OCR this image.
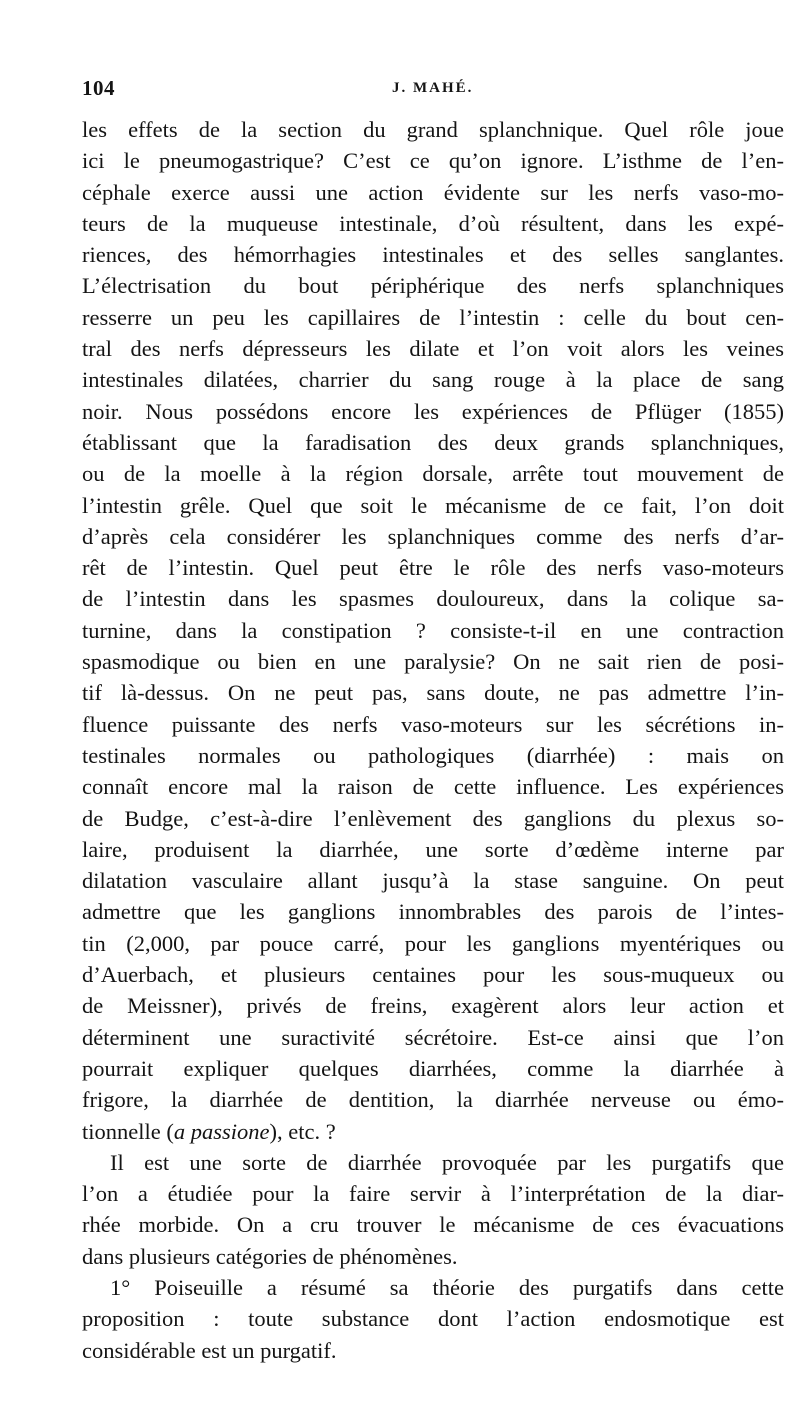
104	J. MAHÉ.
les effets de la section du grand splanchnique. Quel rôle joue
ici le pneumogastrique? C’est ce qu’on ignore. L’isthme de l’en-
céphale exerce aussi une action évidente sur les nerfs vaso-mo-
teurs de la muqueuse intestinale, d’où résultent, dans les expé-
riences, des hémorrhagies intestinales et des selles sanglantes.
L’électrisation du bout périphérique des nerfs splanchniques
resserre un peu les capillaires de l’intestin : celle du bout cen-
tral des nerfs dépresseurs les dilate et l’on voit alors les veines
intestinales dilatées, charrier du sang rouge à la place de sang
noir. Nous possédons encore les expériences de Pflüger (1855)
établissant que la faradisation des deux grands splanchniques,
ou de la moelle à la région dorsale, arrête tout mouvement de
l’intestin grêle. Quel que soit le mécanisme de ce fait, l’on doit
d’après cela considérer les splanchniques comme des nerfs d’ar-
rêt de l’intestin. Quel peut être le rôle des nerfs vaso-moteurs
de l’intestin dans les spasmes douloureux, dans la colique sa-
turnine, dans la constipation ? consiste-t-il en une contraction
spasmodique ou bien en une paralysie? On ne sait rien de posi-
tif là-dessus. On ne peut pas, sans doute, ne pas admettre l’in-
fluence puissante des nerfs vaso-moteurs sur les sécrétions in-
testinales normales ou pathologiques (diarrhée) : mais on
connaît encore mal la raison de cette influence. Les expériences
de Budge, c’est-à-dire l’enlèvement des ganglions du plexus so-
laire, produisent la diarrhée, une sorte d’œdème interne par
dilatation vasculaire allant jusqu’à la stase sanguine. On peut
admettre que les ganglions innombrables des parois de l’intes-
tin (2,000, par pouce carré, pour les ganglions myentériques ou
d’Auerbach, et plusieurs centaines pour les sous-muqueux ou
de Meissner), privés de freins, exagèrent alors leur action et
déterminent une suractivité sécrétoire. Est-ce ainsi que l’on
pourrait expliquer quelques diarrhées, comme la diarrhée à
frigore, la diarrhée de dentition, la diarrhée nerveuse ou émo-
tionnelle (a passione), etc. ?
Il est une sorte de diarrhée provoquée par les purgatifs que
l’on a étudiée pour la faire servir à l’interprétation de la diar-
rhée morbide. On a cru trouver le mécanisme de ces évacuations
dans plusieurs catégories de phénomènes.
1° Poiseuille a résumé sa théorie des purgatifs dans cette
proposition : toute substance dont l’action endosmotique est
considérable est un purgatif.
